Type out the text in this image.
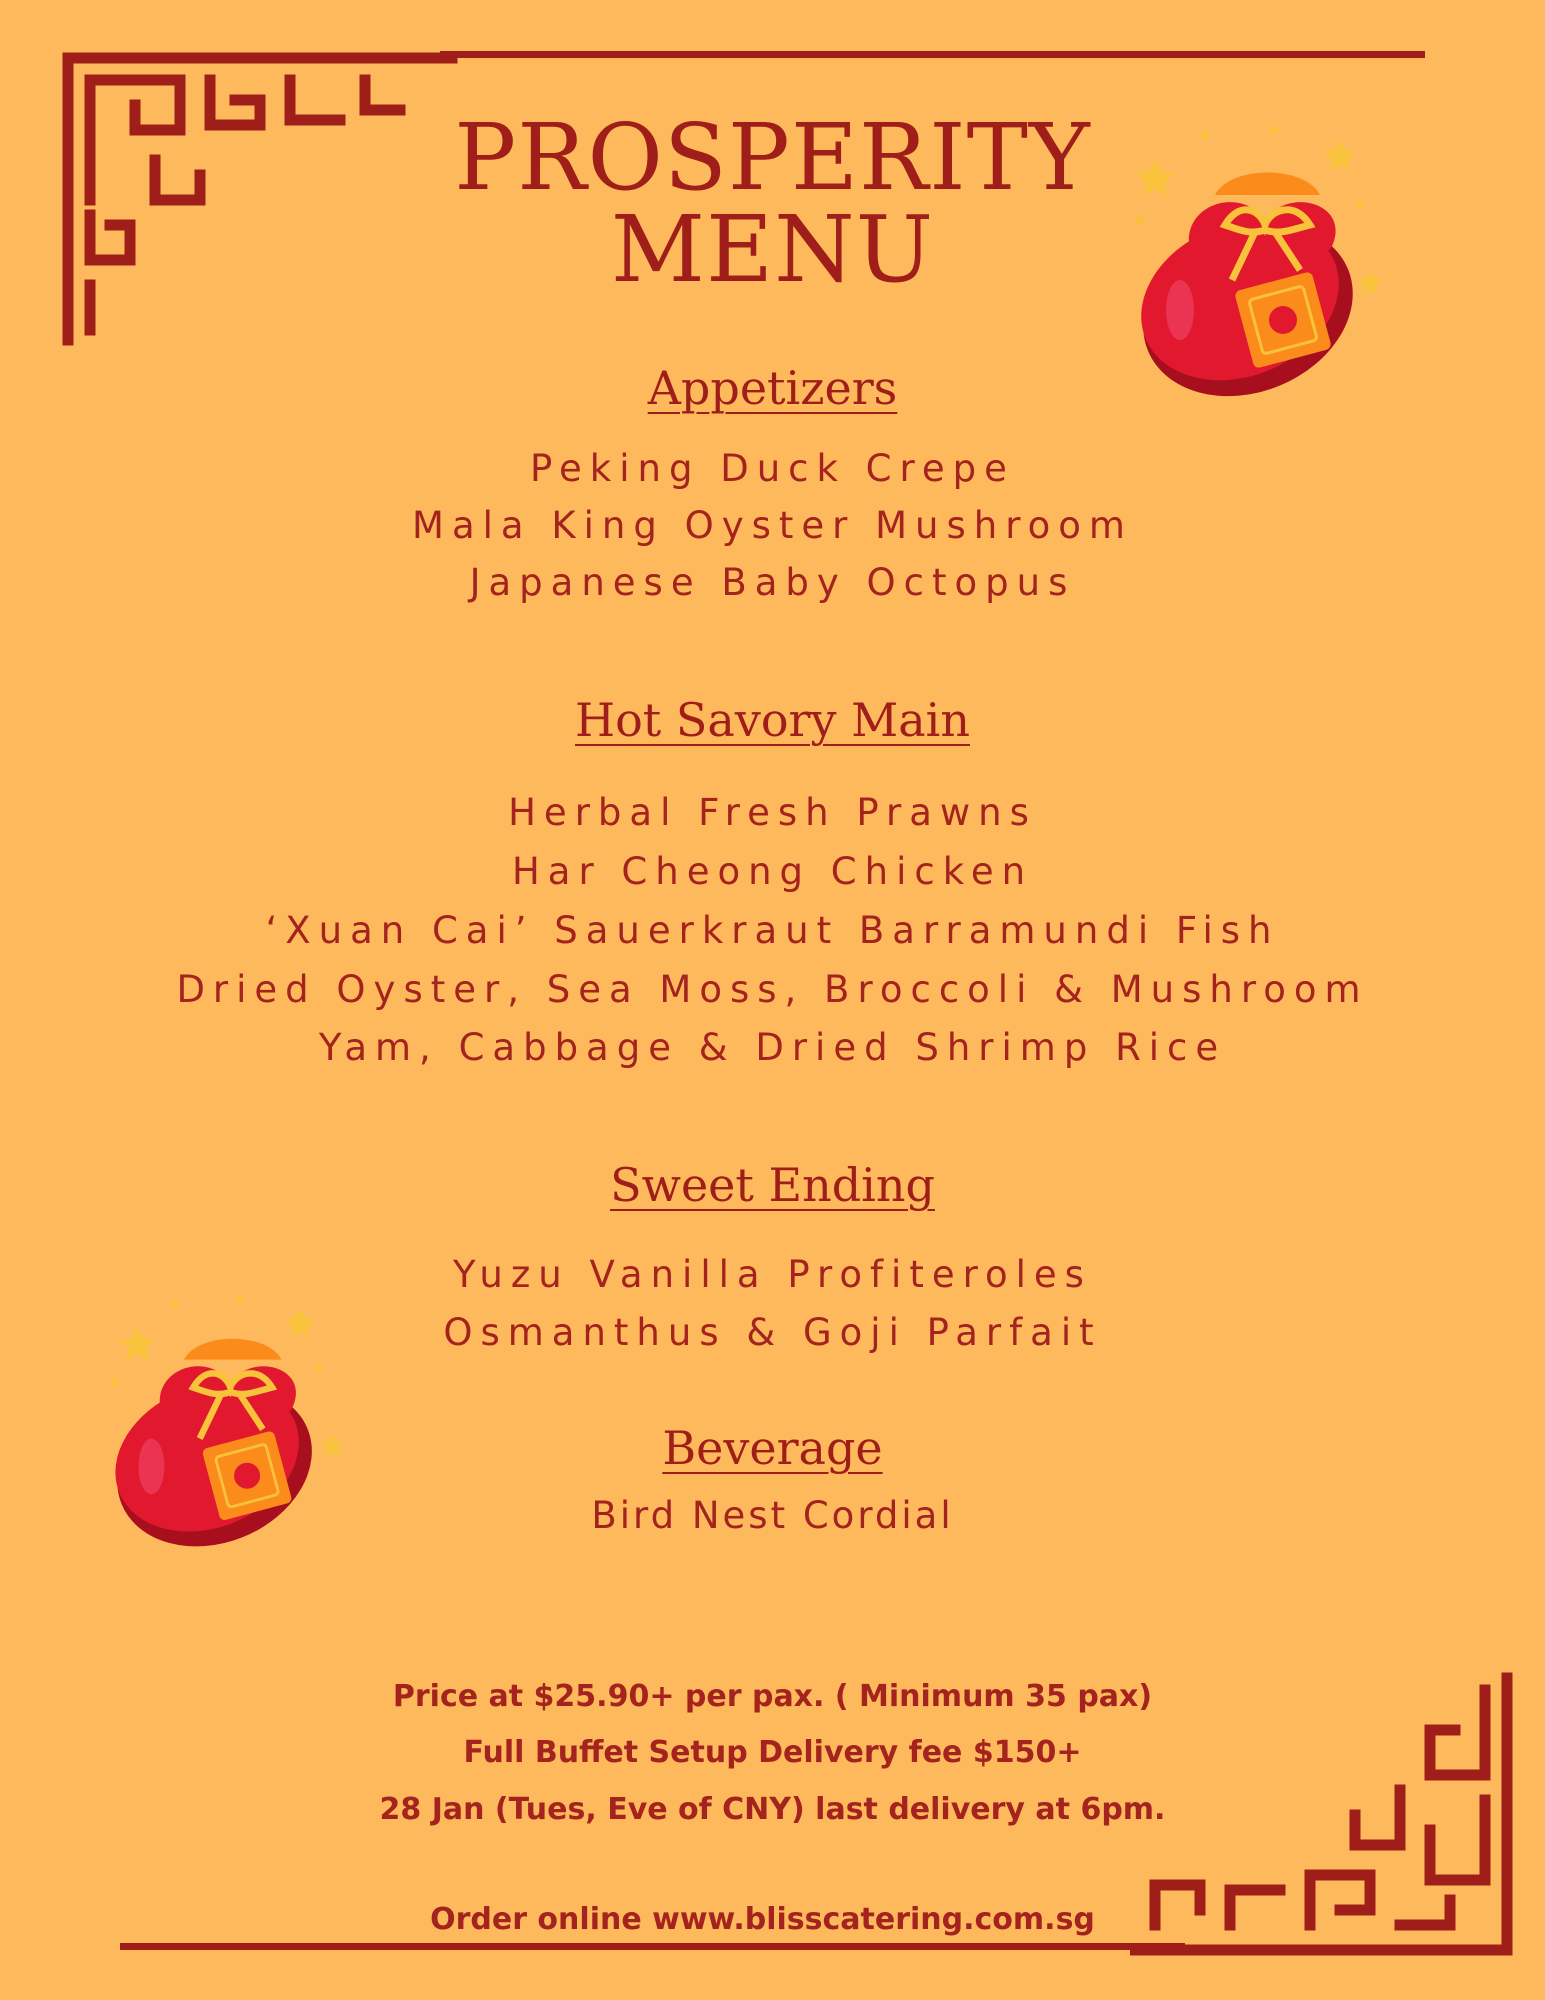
PROSPERITY
MENU
Appetizers
Peking Duck Crepe
Mala King Oyster Mushroom
Japanese Baby Octopus
Hot Savory Main
Herbal Fresh Prawns
Har Cheong Chicken
‘Xuan Cai’ Sauerkraut Barramundi Fish
Dried Oyster, Sea Moss, Broccoli & Mushroom
Yam, Cabbage & Dried Shrimp Rice
Sweet Ending
Yuzu Vanilla Profiteroles
Osmanthus & Goji Parfait
Beverage
Bird Nest Cordial
Price at $25.90+ per pax. ( Minimum 35 pax)
Full Buffet Setup Delivery fee $150+
28 Jan (Tues, Eve of CNY) last delivery at 6pm.
Order online www.blisscatering.com.sg
